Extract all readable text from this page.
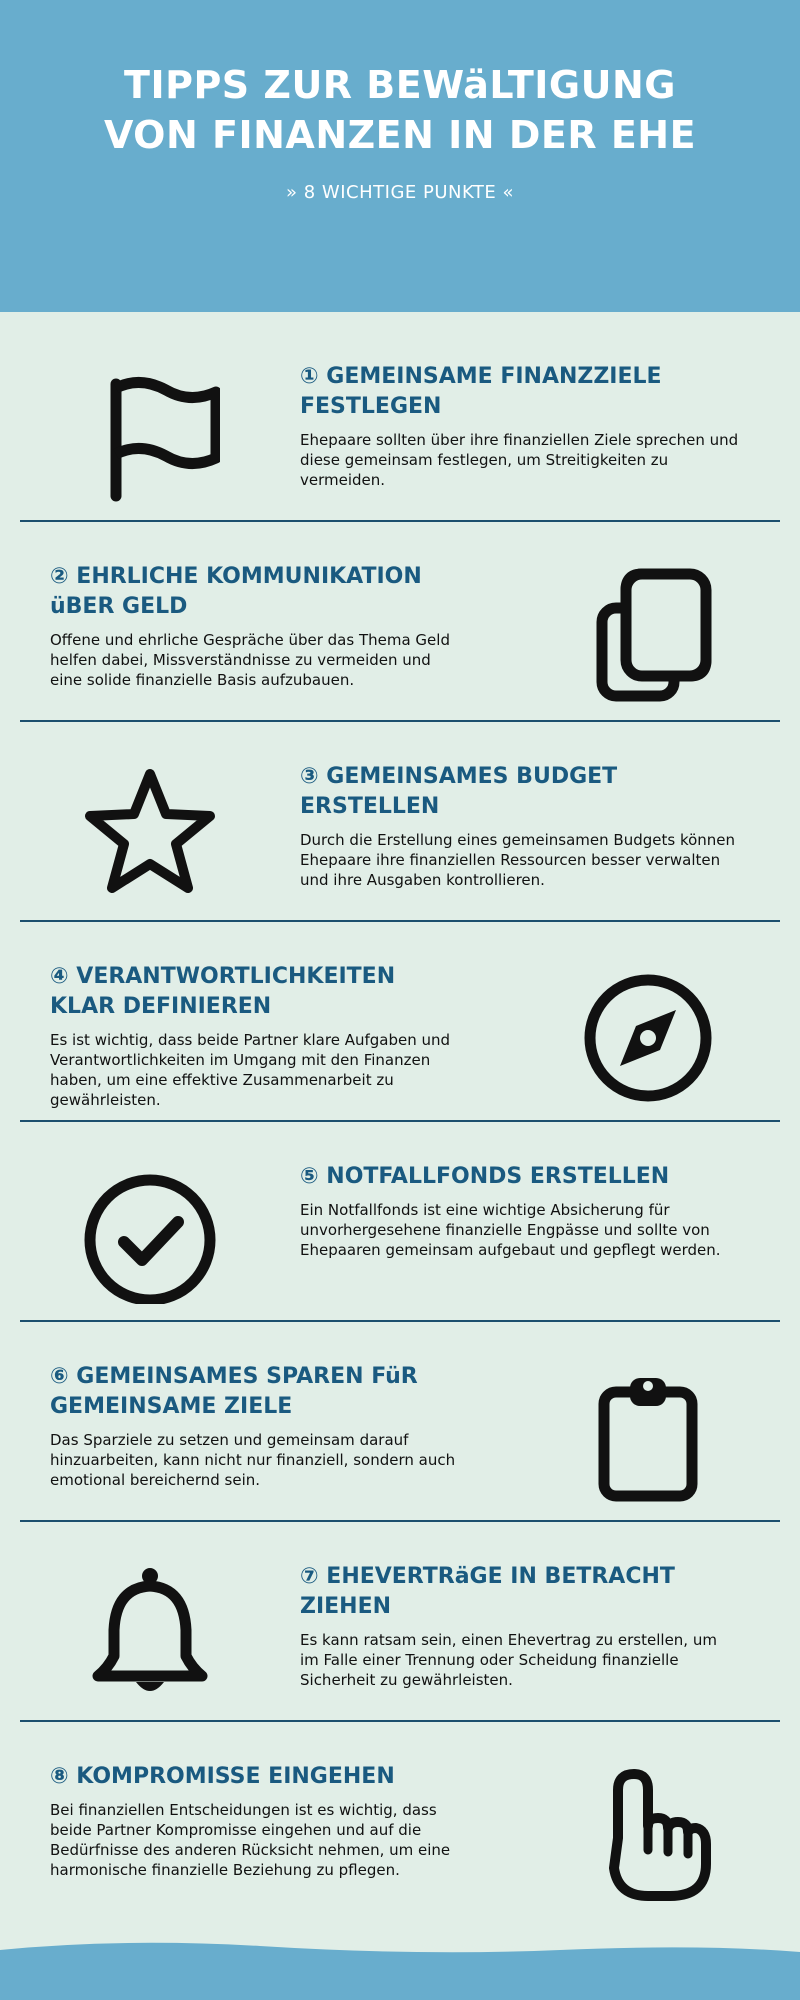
TIPPS ZUR BEWäLTIGUNG
VON FINANZEN IN DER EHE
» 8 WICHTIGE PUNKTE «
① GEMEINSAME FINANZZIELE FESTLEGEN

Ehepaare sollten über ihre finanziellen Ziele sprechen und diese gemeinsam festlegen, um Streitigkeiten zu vermeiden.

② EHRLICHE KOMMUNIKATION üBER GELD

Offene und ehrliche Gespräche über das Thema Geld helfen dabei, Missverständnisse zu vermeiden und eine solide finanzielle Basis aufzubauen.

③ GEMEINSAMES BUDGET ERSTELLEN

Durch die Erstellung eines gemeinsamen Budgets können Ehepaare ihre finanziellen Ressourcen besser verwalten und ihre Ausgaben kontrollieren.

④ VERANTWORTLICHKEITEN KLAR DEFINIEREN

Es ist wichtig, dass beide Partner klare Aufgaben und Verantwortlichkeiten im Umgang mit den Finanzen haben, um eine effektive Zusammenarbeit zu gewährleisten.

⑤ NOTFALLFONDS ERSTELLEN

Ein Notfallfonds ist eine wichtige Absicherung für unvorhergesehene finanzielle Engpässe und sollte von Ehepaaren gemeinsam aufgebaut und gepflegt werden.

⑥ GEMEINSAMES SPAREN FüR GEMEINSAME ZIELE

Das Sparziele zu setzen und gemeinsam darauf hinzuarbeiten, kann nicht nur finanziell, sondern auch emotional bereichernd sein.

⑦ EHEVERTRäGE IN BETRACHT ZIEHEN

Es kann ratsam sein, einen Ehevertrag zu erstellen, um im Falle einer Trennung oder Scheidung finanzielle Sicherheit zu gewährleisten.

⑧ KOMPROMISSE EINGEHEN

Bei finanziellen Entscheidungen ist es wichtig, dass beide Partner Kompromisse eingehen und auf die Bedürfnisse des anderen Rücksicht nehmen, um eine harmonische finanzielle Beziehung zu pflegen.
